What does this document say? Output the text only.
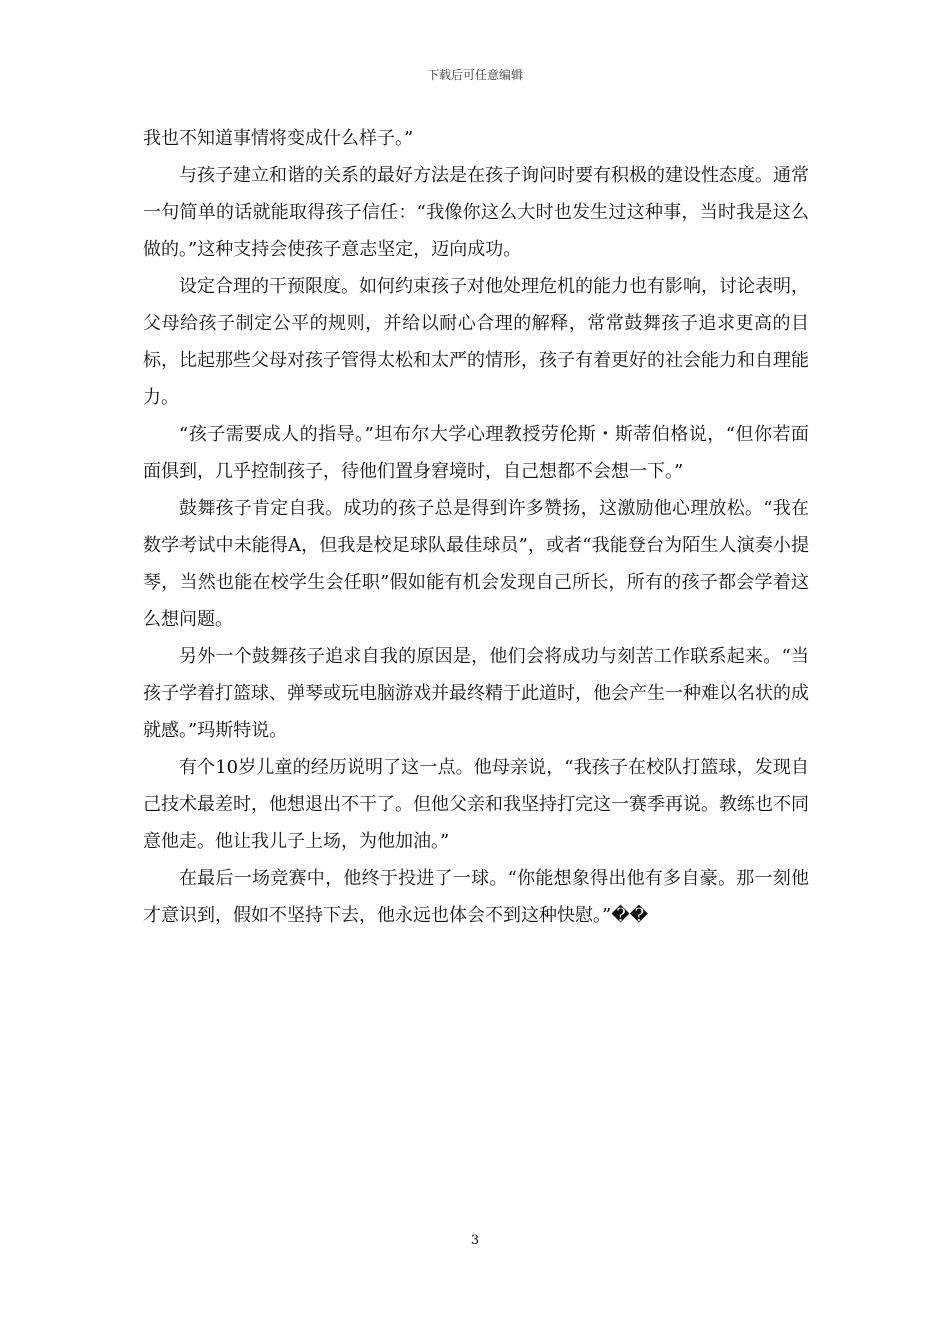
下载后可任意编辑

我也不知道事情将变成什么样子。”

与孩子建立和谐的关系的最好方法是在孩子询问时要有积极的建设性态度。通常一句简单的话就能取得孩子信任：“我像你这么大时也发生过这种事，当时我是这么做的。”这种支持会使孩子意志坚定，迈向成功。

设定合理的干预限度。如何约束孩子对他处理危机的能力也有影响，讨论表明，父母给孩子制定公平的规则，并给以耐心合理的解释，常常鼓舞孩子追求更高的目标，比起那些父母对孩子管得太松和太严的情形，孩子有着更好的社会能力和自理能力。

“孩子需要成人的指导。”坦布尔大学心理教授劳伦斯・斯蒂伯格说，“但你若面面俱到，几乎控制孩子，待他们置身窘境时，自己想都不会想一下。”

鼓舞孩子肯定自我。成功的孩子总是得到许多赞扬，这激励他心理放松。“我在数学考试中未能得A，但我是校足球队最佳球员”，或者“我能登台为陌生人演奏小提琴，当然也能在校学生会任职”假如能有机会发现自己所长，所有的孩子都会学着这么想问题。

另外一个鼓舞孩子追求自我的原因是，他们会将成功与刻苦工作联系起来。“当孩子学着打篮球、弹琴或玩电脑游戏并最终精于此道时，他会产生一种难以名状的成就感。”玛斯特说。

有个10岁儿童的经历说明了这一点。他母亲说，“我孩子在校队打篮球，发现自己技术最差时，他想退出不干了。但他父亲和我坚持打完这一赛季再说。教练也不同意他走。他让我儿子上场，为他加油。”

在最后一场竞赛中，他终于投进了一球。“你能想象得出他有多自豪。那一刻他才意识到，假如不坚持下去，他永远也体会不到这种快慰。”��

3
